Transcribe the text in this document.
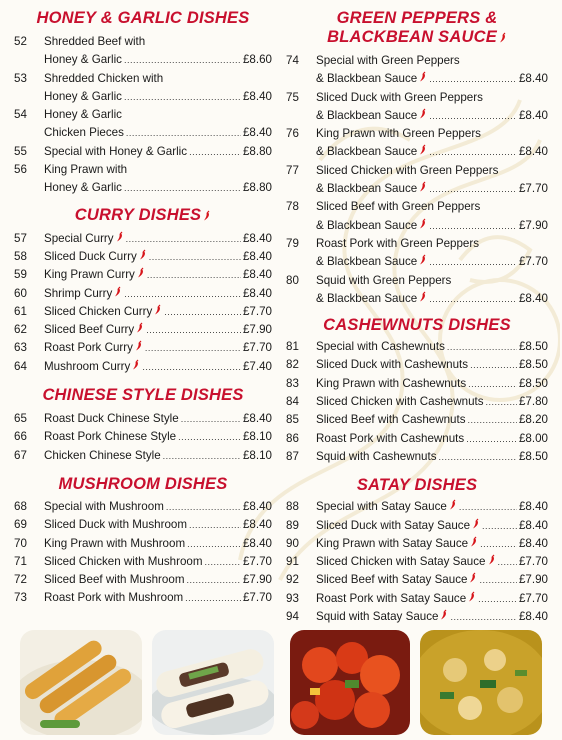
HONEY & GARLIC DISHES
52	Shredded Beef with
Honey & Garlic .....	£8.60
53	Shredded Chicken with
Honey & Garlic .....	£8.40
54	Honey & Garlic
Chicken Pieces .....	£8.40
55	Special with Honey & Garlic .....	£8.80
56	King Prawn with
Honey & Garlic .....	£8.80
CURRY DISHES
57	Special Curry .....	£8.40
58	Sliced Duck Curry .....	£8.40
59	King Prawn Curry .....	£8.40
60	Shrimp Curry .....	£8.40
61	Sliced Chicken Curry .....	£7.70
62	Sliced Beef Curry .....	£7.90
63	Roast Pork Curry .....	£7.70
64	Mushroom Curry .....	£7.40
CHINESE STYLE DISHES
65	Roast Duck Chinese Style .....	£8.40
66	Roast Pork Chinese Style .....	£8.10
67	Chicken Chinese Style .....	£8.10
MUSHROOM DISHES
68	Special with Mushroom .....	£8.40
69	Sliced Duck with Mushroom .....	£8.40
70	King Prawn with Mushroom .....	£8.40
71	Sliced Chicken with Mushroom .....	£7.70
72	Sliced Beef with Mushroom .....	£7.90
73	Roast Pork with Mushroom .....	£7.70
GREEN PEPPERS &
BLACKBEAN SAUCE
74	Special with Green Peppers
& Blackbean Sauce .....	£8.40
75	Sliced Duck with Green Peppers
& Blackbean Sauce .....	£8.40
76	King Prawn with Green Peppers
& Blackbean Sauce .....	£8.40
77	Sliced Chicken with Green Peppers
& Blackbean Sauce .....	£7.70
78	Sliced Beef with Green Peppers
& Blackbean Sauce .....	£7.90
79	Roast Pork with Green Peppers
& Blackbean Sauce .....	£7.70
80	Squid with Green Peppers
& Blackbean Sauce .....	£8.40
CASHEWNUTS DISHES
81	Special with Cashewnuts .....	£8.50
82	Sliced Duck with Cashewnuts .....	£8.50
83	King Prawn with Cashewnuts .....	£8.50
84	Sliced Chicken with Cashewnuts .....	£7.80
85	Sliced Beef with Cashewnuts .....	£8.20
86	Roast Pork with Cashewnuts .....	£8.00
87	Squid with Cashewnuts .....	£8.50
SATAY DISHES
88	Special with Satay Sauce .....	£8.40
89	Sliced Duck with Satay Sauce .....	£8.40
90	King Prawn with Satay Sauce .....	£8.40
91	Sliced Chicken with Satay Sauce .....	£7.70
92	Sliced Beef with Satay Sauce .....	£7.90
93	Roast Pork with Satay Sauce .....	£7.70
94	Squid with Satay Sauce .....	£8.40
